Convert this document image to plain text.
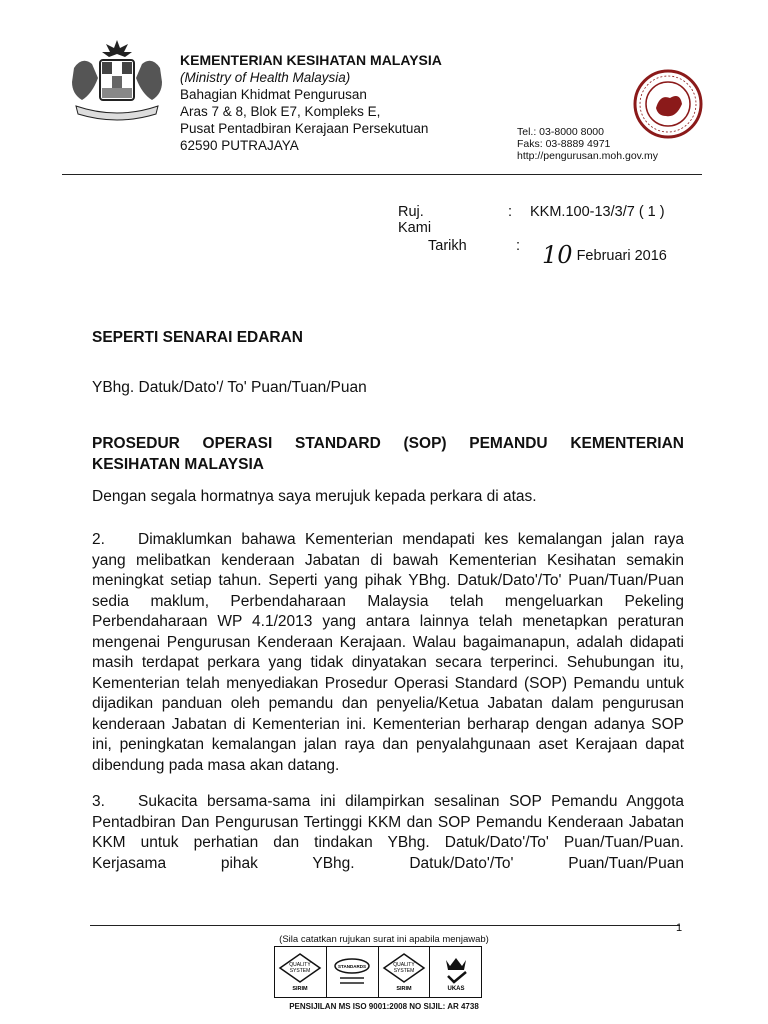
KEMENTERIAN KESIHATAN MALAYSIA
(Ministry of Health Malaysia)
Bahagian Khidmat Pengurusan
Aras 7 & 8, Blok E7, Kompleks E,
Pusat Pentadbiran Kerajaan Persekutuan
62590 PUTRAJAYA
Tel.: 03-8000 8000
Faks: 03-8889 4971
http://pengurusan.moh.gov.my
Ruj. Kami
: KKM.100-13/3/7 ( 1 )
Tarikh	: 10 Februari 2016
SEPERTI SENARAI EDARAN
YBhg. Datuk/Dato'/ To' Puan/Tuan/Puan
PROSEDUR OPERASI STANDARD (SOP) PEMANDU KEMENTERIAN KESIHATAN MALAYSIA
Dengan segala hormatnya saya merujuk kepada perkara di atas.
2. Dimaklumkan bahawa Kementerian mendapati kes kemalangan jalan raya yang melibatkan kenderaan Jabatan di bawah Kementerian Kesihatan semakin meningkat setiap tahun. Seperti yang pihak YBhg. Datuk/Dato'/To' Puan/Tuan/Puan sedia maklum, Perbendaharaan Malaysia telah mengeluarkan Pekeling Perbendaharaan WP 4.1/2013 yang antara lainnya telah menetapkan peraturan mengenai Pengurusan Kenderaan Kerajaan. Walau bagaimanapun, adalah didapati masih terdapat perkara yang tidak dinyatakan secara terperinci. Sehubungan itu, Kementerian telah menyediakan Prosedur Operasi Standard (SOP) Pemandu untuk dijadikan panduan oleh pemandu dan penyelia/Ketua Jabatan dalam pengurusan kenderaan Jabatan di Kementerian ini. Kementerian berharap dengan adanya SOP ini, peningkatan kemalangan jalan raya dan penyalahgunaan aset Kerajaan dapat dibendung pada masa akan datang.
3. Sukacita bersama-sama ini dilampirkan sesalinan SOP Pemandu Anggota Pentadbiran Dan Pengurusan Tertinggi KKM dan SOP Pemandu Kenderaan Jabatan KKM untuk perhatian dan tindakan YBhg. Datuk/Dato'/To' Puan/Tuan/Puan. Kerjasama pihak YBhg. Datuk/Dato'/To' Puan/Tuan/Puan
1
(Sila catatkan rujukan surat ini apabila menjawab)
QUALITY
SYSTEM
SIRIM
STANDARDS	QUALITY
SYSTEM
SIRIM	UKAS
PENSIJILAN MS ISO 9001:2008 NO SIJIL: AR 4738
